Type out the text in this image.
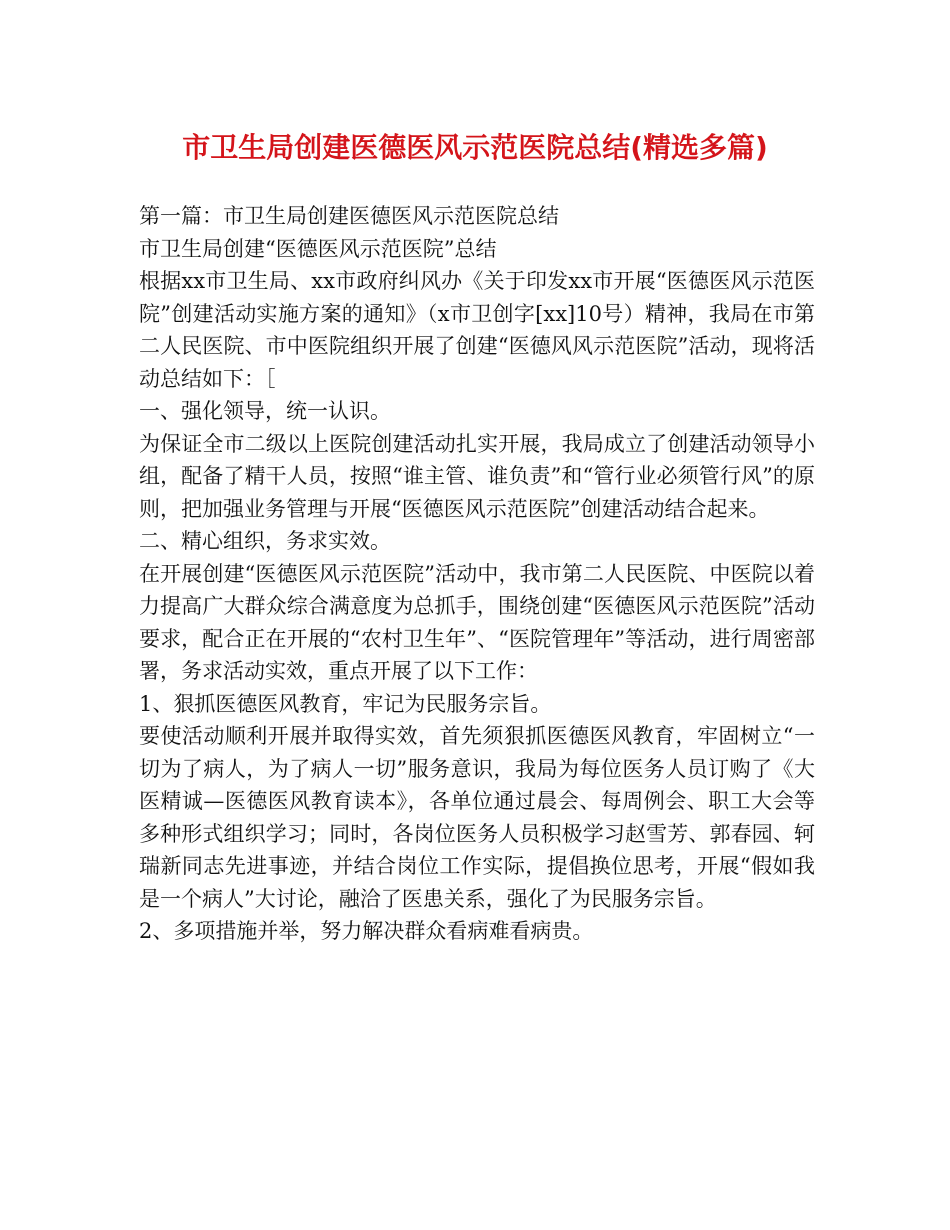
市卫生局创建医德医风示范医院总结(精选多篇)

第一篇：市卫生局创建医德医风示范医院总结

市卫生局创建“医德医风示范医院”总结

根据xx市卫生局、xx市政府纠风办《关于印发xx市开展“医德医风示范医院”创建活动实施方案的通知》（x市卫创字[xx]10号）精神，我局在市第二人民医院、市中医院组织开展了创建“医德风风示范医院”活动，现将活动总结如下：［

一、强化领导，统一认识。

为保证全市二级以上医院创建活动扎实开展，我局成立了创建活动领导小组，配备了精干人员，按照“谁主管、谁负责”和“管行业必须管行风”的原则，把加强业务管理与开展“医德医风示范医院”创建活动结合起来。

二、精心组织，务求实效。

在开展创建“医德医风示范医院”活动中，我市第二人民医院、中医院以着力提高广大群众综合满意度为总抓手，围绕创建“医德医风示范医院”活动要求，配合正在开展的“农村卫生年”、“医院管理年”等活动，进行周密部署，务求活动实效，重点开展了以下工作：

1、狠抓医德医风教育，牢记为民服务宗旨。

要使活动顺利开展并取得实效，首先须狠抓医德医风教育，牢固树立“一切为了病人，为了病人一切”服务意识，我局为每位医务人员订购了《大医精诚—医德医风教育读本》，各单位通过晨会、每周例会、职工大会等多种形式组织学习；同时，各岗位医务人员积极学习赵雪芳、郭春园、轲瑞新同志先进事迹，并结合岗位工作实际，提倡换位思考，开展“假如我是一个病人”大讨论，融洽了医患关系，强化了为民服务宗旨。

2、多项措施并举，努力解决群众看病难看病贵。
